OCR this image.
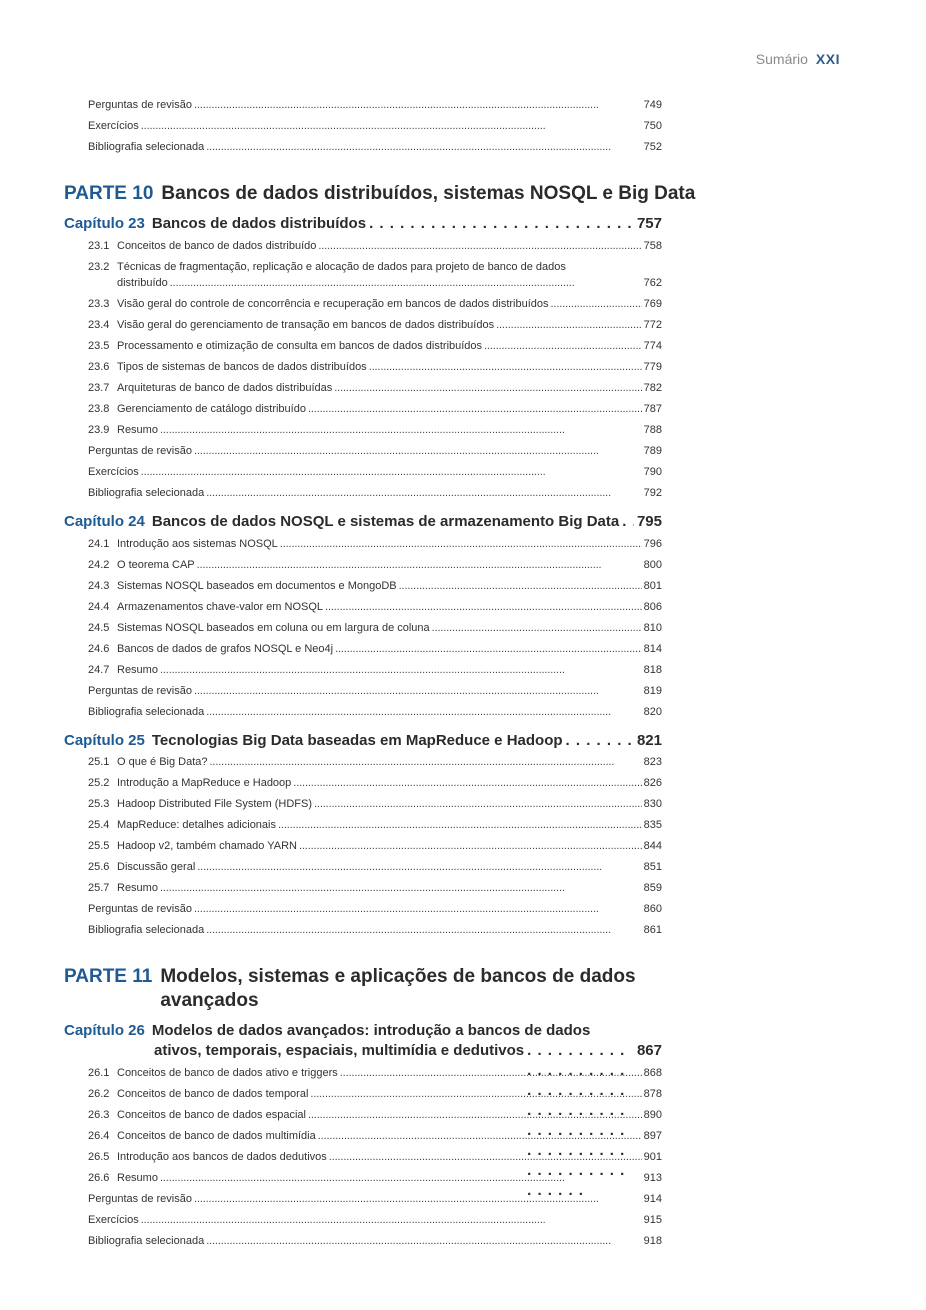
Sumário XXI
Perguntas de revisão . . .	749
Exercícios . . .	750
Bibliografia selecionada . . .	752
PARTE 10 Bancos de dados distribuídos, sistemas NOSQL e Big Data
Capítulo 23 Bancos de dados distribuídos . . .	757
23.1 Conceitos de banco de dados distribuído . . .	758
23.2 Técnicas de fragmentação, replicação e alocação de dados para projeto de banco de dados
distribuído . . .	762
23.3 Visão geral do controle de concorrência e recuperação em bancos de dados distribuídos . . .	769
23.4 Visão geral do gerenciamento de transação em bancos de dados distribuídos . . .	772
23.5 Processamento e otimização de consulta em bancos de dados distribuídos . . .	774
23.6 Tipos de sistemas de bancos de dados distribuídos . . .	779
23.7 Arquiteturas de banco de dados distribuídas . . .	782
23.8 Gerenciamento de catálogo distribuído . . .	787
23.9 Resumo . . .	788
Perguntas de revisão . . .	789
Exercícios . . .	790
Bibliografia selecionada . . .	792
Capítulo 24 Bancos de dados NOSQL e sistemas de armazenamento Big Data . . . 795
24.1 Introdução aos sistemas NOSQL . . .	796
24.2 O teorema CAP . . .	800
24.3 Sistemas NOSQL baseados em documentos e MongoDB . . .	801
24.4 Armazenamentos chave-valor em NOSQL . . .	806
24.5 Sistemas NOSQL baseados em coluna ou em largura de coluna . . .	810
24.6 Bancos de dados de grafos NOSQL e Neo4j . . .	814
24.7 Resumo . . .	818
Perguntas de revisão . . .	819
Bibliografia selecionada . . .	820
Capítulo 25 Tecnologias Big Data baseadas em MapReduce e Hadoop . . .	821
25.1 O que é Big Data? . . .	823
25.2 Introdução a MapReduce e Hadoop . . .	826
25.3 Hadoop Distributed File System (HDFS) . . .	830
25.4 MapReduce: detalhes adicionais . . .	835
25.5 Hadoop v2, também chamado YARN . . .	844
25.6 Discussão geral . . .	851
25.7 Resumo . . .	859
Perguntas de revisão . . .	860
Bibliografia selecionada . . .	861
PARTE 11 Modelos, sistemas e aplicações de bancos de dados
avançados
Capítulo 26 Modelos de dados avançados: introdução a bancos de dados
ativos, temporais, espaciais, multimídia e dedutivos . . .	867
26.1 Conceitos de banco de dados ativo e triggers . . .	868
26.2 Conceitos de banco de dados temporal . . .	878
26.3 Conceitos de banco de dados espacial . . .	890
26.4 Conceitos de banco de dados multimídia . . .	897
26.5 Introdução aos bancos de dados dedutivos . . .	901
26.6 Resumo . . .	913
Perguntas de revisão . . .	914
Exercícios . . .	915
Bibliografia selecionada . . .	918
